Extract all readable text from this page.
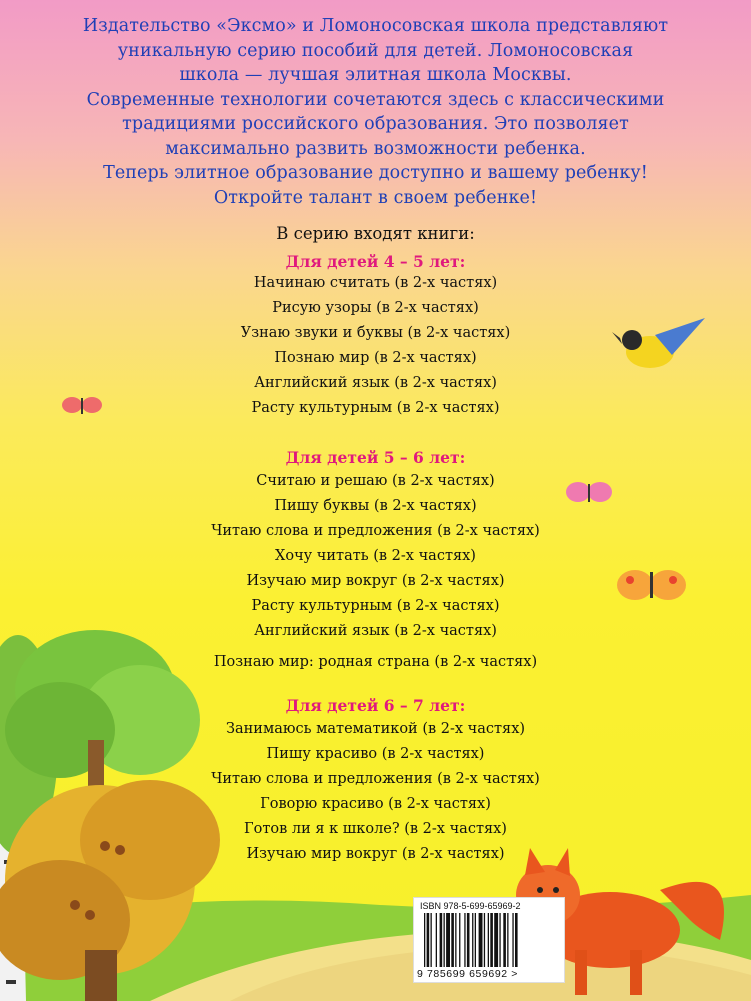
Издательство «Эксмо» и Ломоносовская школа представляют
уникальную серию пособий для детей. Ломоносовская
школа — лучшая элитная школа Москвы.
Современные технологии сочетаются здесь с классическими
традициями российского образования. Это позволяет
максимально развить возможности ребенка.
Теперь элитное образование доступно и вашему ребенку!
Откройте талант в своем ребенке!
В серию входят книги:
Для детей 4 – 5 лет:
Начинаю считать (в 2-х частях)
Рисую узоры (в 2-х частях)
Узнаю звуки и буквы (в 2-х частях)
Познаю мир (в 2-х частях)
Английский язык (в 2-х частях)
Расту культурным (в 2-х частях)
Для детей 5 – 6 лет:
Считаю и решаю (в 2-х частях)
Пишу буквы (в 2-х частях)
Читаю слова и предложения (в 2-х частях)
Хочу читать (в 2-х частях)
Изучаю мир вокруг (в 2-х частях)
Расту культурным (в 2-х частях)
Английский язык (в 2-х частях)
Познаю мир: родная страна (в 2-х частях)
Для детей 6 – 7 лет:
Занимаюсь математикой (в 2-х частях)
Пишу красиво (в 2-х частях)
Читаю слова и предложения (в 2-х частях)
Говорю красиво (в 2-х частях)
Готов ли я к школе? (в 2-х частях)
Изучаю мир вокруг (в 2-х частях)
ISBN 978-5-699-65969-2
9 785699 659692 >
